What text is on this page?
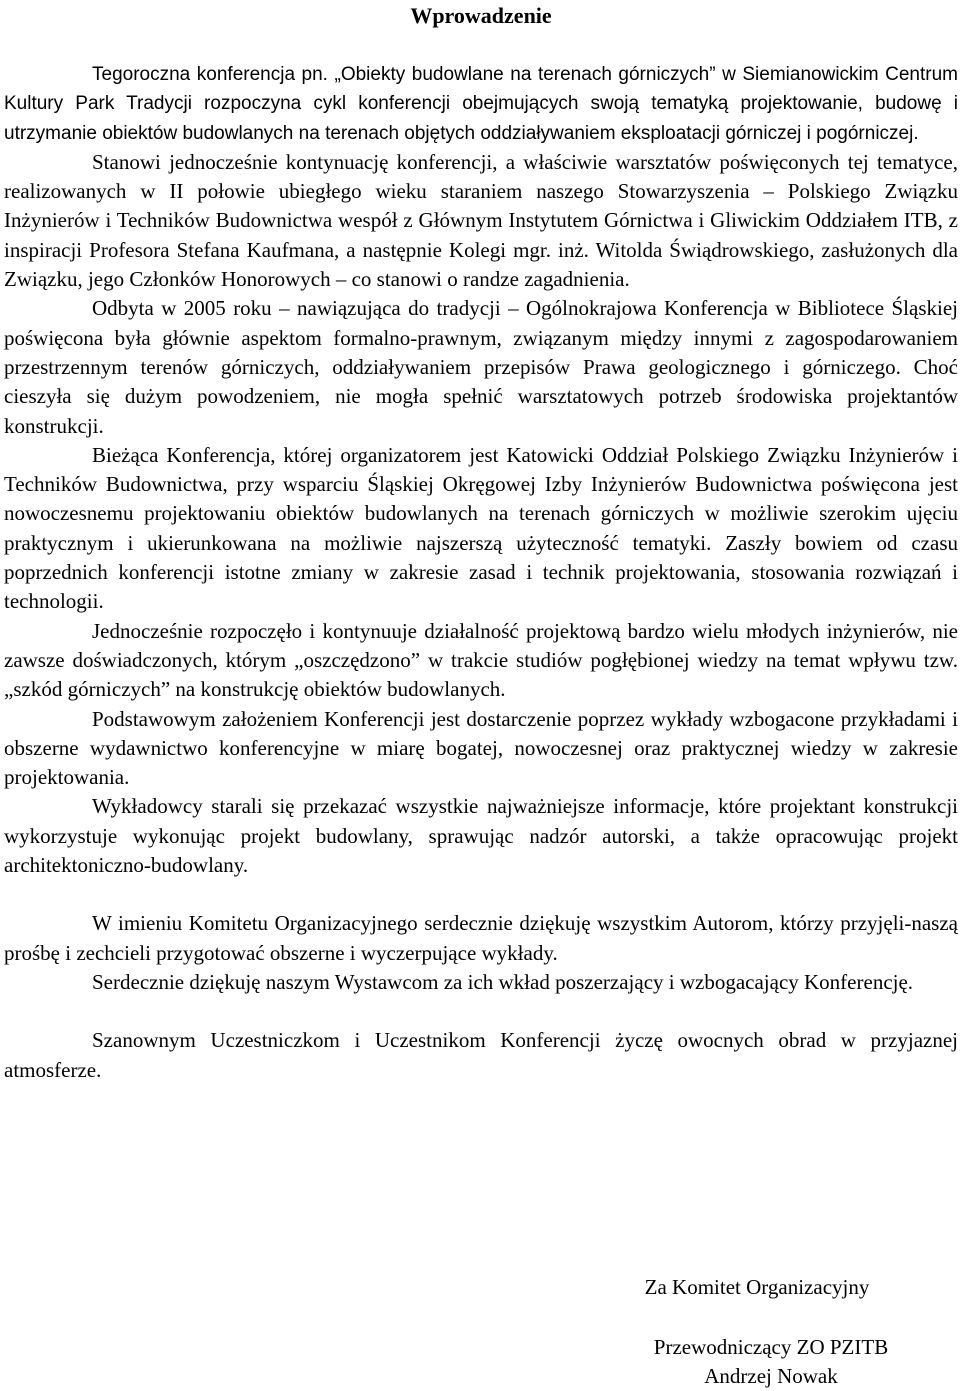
Wprowadzenie

Tegoroczna konferencja pn. „Obiekty budowlane na terenach górniczych” w Siemianowickim Centrum Kultury Park Tradycji rozpoczyna cykl konferencji obejmujących swoją tematyką projektowanie, budowę i utrzymanie obiektów budowlanych na terenach objętych oddziaływaniem eksploatacji górniczej i pogórniczej.

Stanowi jednocześnie kontynuację konferencji, a właściwie warsztatów poświęconych tej tematyce, realizowanych w II połowie ubiegłego wieku staraniem naszego Stowarzyszenia – Polskiego Związku Inżynierów i Techników Budownictwa wespół z Głównym Instytutem Górnictwa i Gliwickim Oddziałem ITB, z inspiracji Profesora Stefana Kaufmana, a następnie Kolegi mgr. inż. Witolda Świądrowskiego, zasłużonych dla Związku, jego Członków Honorowych – co stanowi o randze zagadnienia.

Odbyta w 2005 roku – nawiązująca do tradycji – Ogólnokrajowa Konferencja w Bibliotece Śląskiej poświęcona była głównie aspektom formalno-prawnym, związanym między innymi z zagospodarowaniem przestrzennym terenów górniczych, oddziaływaniem przepisów Prawa geologicznego i górniczego. Choć cieszyła się dużym powodzeniem, nie mogła spełnić warsztatowych potrzeb środowiska projektantów konstrukcji.

Bieżąca Konferencja, której organizatorem jest Katowicki Oddział Polskiego Związku Inżynierów i Techników Budownictwa, przy wsparciu Śląskiej Okręgowej Izby Inżynierów Budownictwa poświęcona jest nowoczesnemu projektowaniu obiektów budowlanych na terenach górniczych w możliwie szerokim ujęciu praktycznym i ukierunkowana na możliwie najszerszą użyteczność tematyki. Zaszły bowiem od czasu poprzednich konferencji istotne zmiany w zakresie zasad i technik projektowania, stosowania rozwiązań i technologii.

Jednocześnie rozpoczęło i kontynuuje działalność projektową bardzo wielu młodych inżynierów, nie zawsze doświadczonych, którym „oszczędzono” w trakcie studiów pogłębionej wiedzy na temat wpływu tzw. „szkód górniczych” na konstrukcję obiektów budowlanych.

Podstawowym założeniem Konferencji jest dostarczenie poprzez wykłady wzbogacone przykładami i obszerne wydawnictwo konferencyjne w miarę bogatej, nowoczesnej oraz praktycznej wiedzy w zakresie projektowania.

Wykładowcy starali się przekazać wszystkie najważniejsze informacje, które projektant konstrukcji wykorzystuje wykonując projekt budowlany, sprawując nadzór autorski, a także opracowując projekt architektoniczno-budowlany.

W imieniu Komitetu Organizacyjnego serdecznie dziękuję wszystkim Autorom, którzy przyjęli-naszą prośbę i zechcieli przygotować obszerne i wyczerpujące wykłady.

Serdecznie dziękuję naszym Wystawcom za ich wkład poszerzający i wzbogacający Konferencję.

Szanownym Uczestniczkom i Uczestnikom Konferencji życzę owocnych obrad w przyjaznej atmosferze.

Za Komitet Organizacyjny
Przewodniczący ZO PZITB
Andrzej Nowak
